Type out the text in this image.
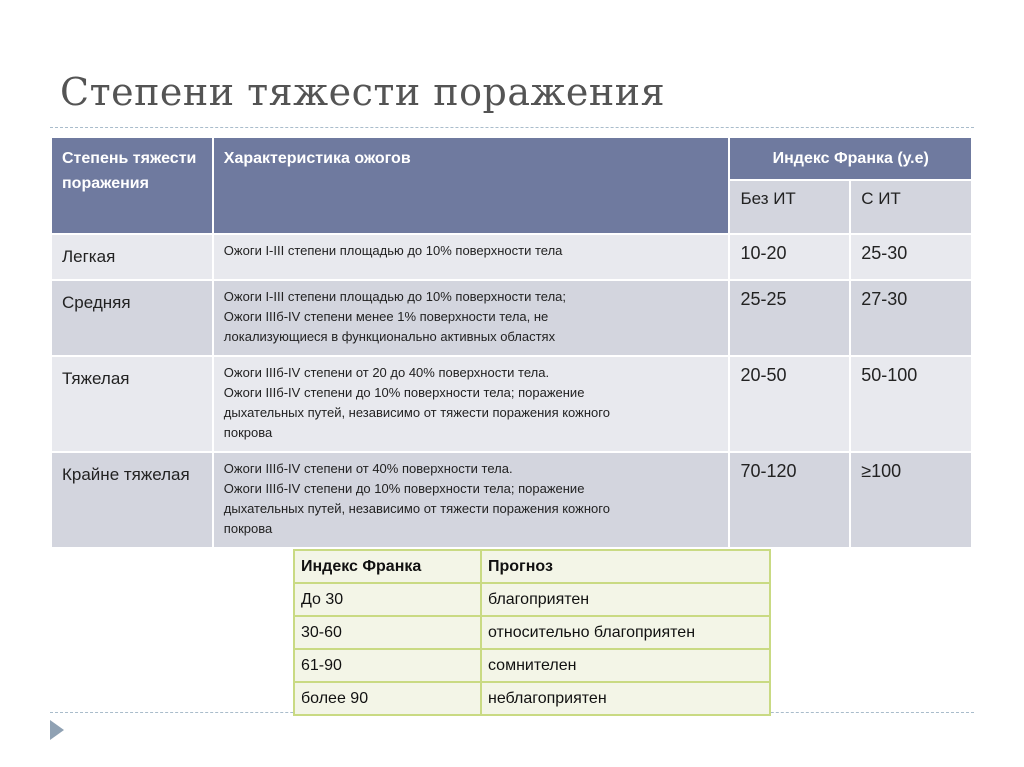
Степени тяжести поражения
Степень тяжести поражения	Характеристика ожогов	Индекс Франка (у.е)	
		Без ИТ	С ИТ
Легкая	Ожоги I-III степени площадью до 10% поверхности тела	10-20	25-30
Средняя	Ожоги I-III степени площадью до 10% поверхности тела;
Ожоги IIIб-IV степени менее 1% поверхности тела, не
локализующиеся в функционально активных областях	25-25	27-30
Тяжелая	Ожоги IIIб-IV степени от 20 до 40% поверхности тела.
Ожоги IIIб-IV степени до 10% поверхности тела; поражение
дыхательных путей, независимо от тяжести поражения кожного
покрова	20-50	50-100
Крайне тяжелая	Ожоги IIIб-IV степени от 40% поверхности тела.
Ожоги IIIб-IV степени до 10% поверхности тела; поражение
дыхательных путей, независимо от тяжести поражения кожного
покрова	70-120	≥100
Индекс Франка	Прогноз
До 30	благоприятен
30-60	относительно благоприятен
61-90	сомнителен
более 90	неблагоприятен
